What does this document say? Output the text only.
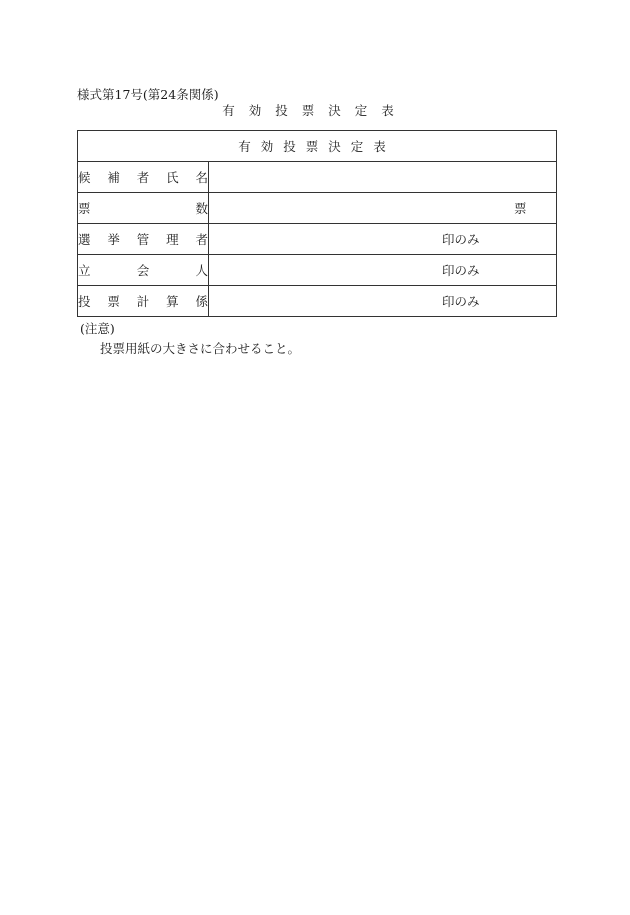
様式第17号(第24条関係)
有効投票決定表
有効投票決定表	
候補者氏名	
票数	票

選挙管理者	印のみ

立会人	印のみ

投票計算係	印のみ
(注意)
投票用紙の大きさに合わせること。
